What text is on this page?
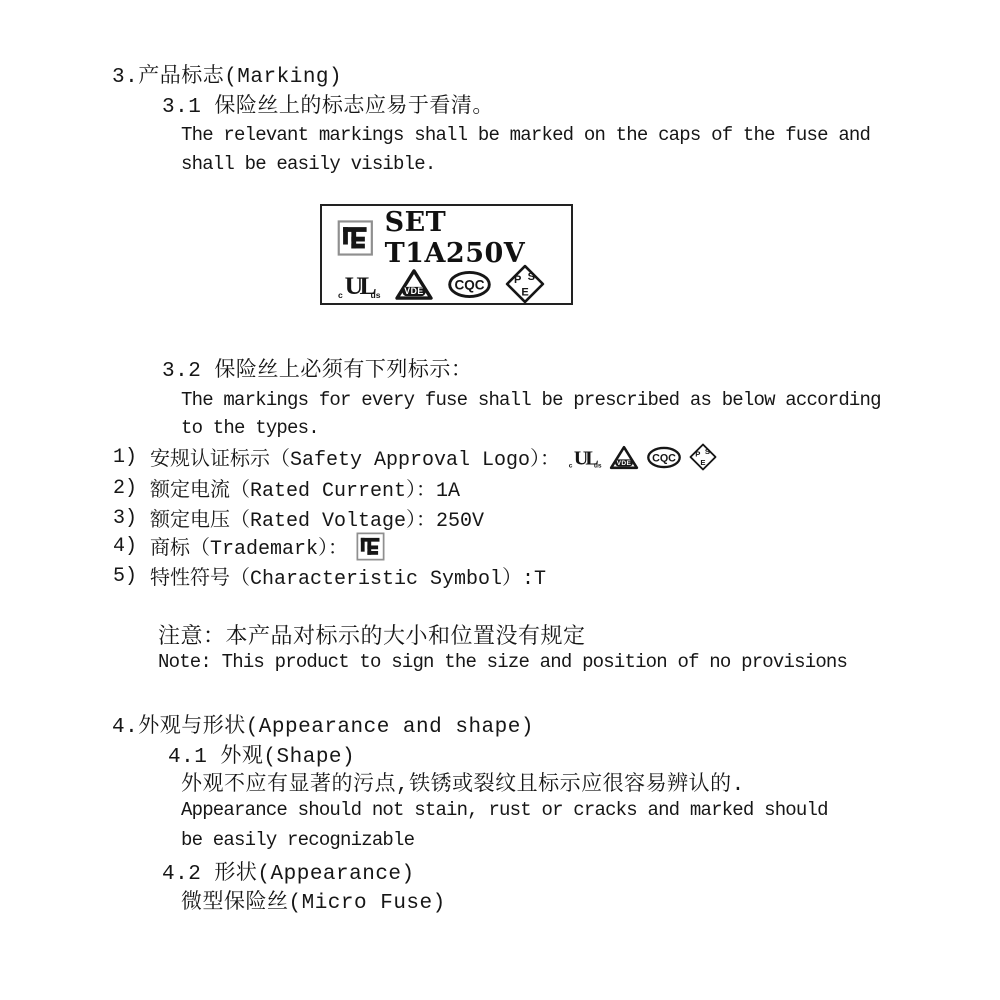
3.产品标志(Marking)
3.1 保险丝上的标志应易于看清。
The relevant markings shall be marked on the caps of the fuse and
shall be easily visible.
SET T1A250V
c UL
us	VDE CQC	P S
E
3.2 保险丝上必须有下列标示：
The markings for every fuse shall be prescribed as below according
to the types.
1) 安规认证标示（Safety Approval Logo）： c UL
us VDE CQC P S
E
2) 额定电流（Rated Current）：1A
3) 额定电压（Rated Voltage）：250V
4) 商标（Trademark）：
5) 特性符号（Characteristic Symbol）:T
注意：本产品对标示的大小和位置没有规定
Note: This product to sign the size and position of no provisions
4.外观与形状(Appearance and shape)
4.1 外观(Shape)
外观不应有显著的污点,铁锈或裂纹且标示应很容易辨认的.
Appearance should not stain, rust or cracks and marked should
be easily recognizable
4.2 形状(Appearance)
微型保险丝(Micro Fuse)
